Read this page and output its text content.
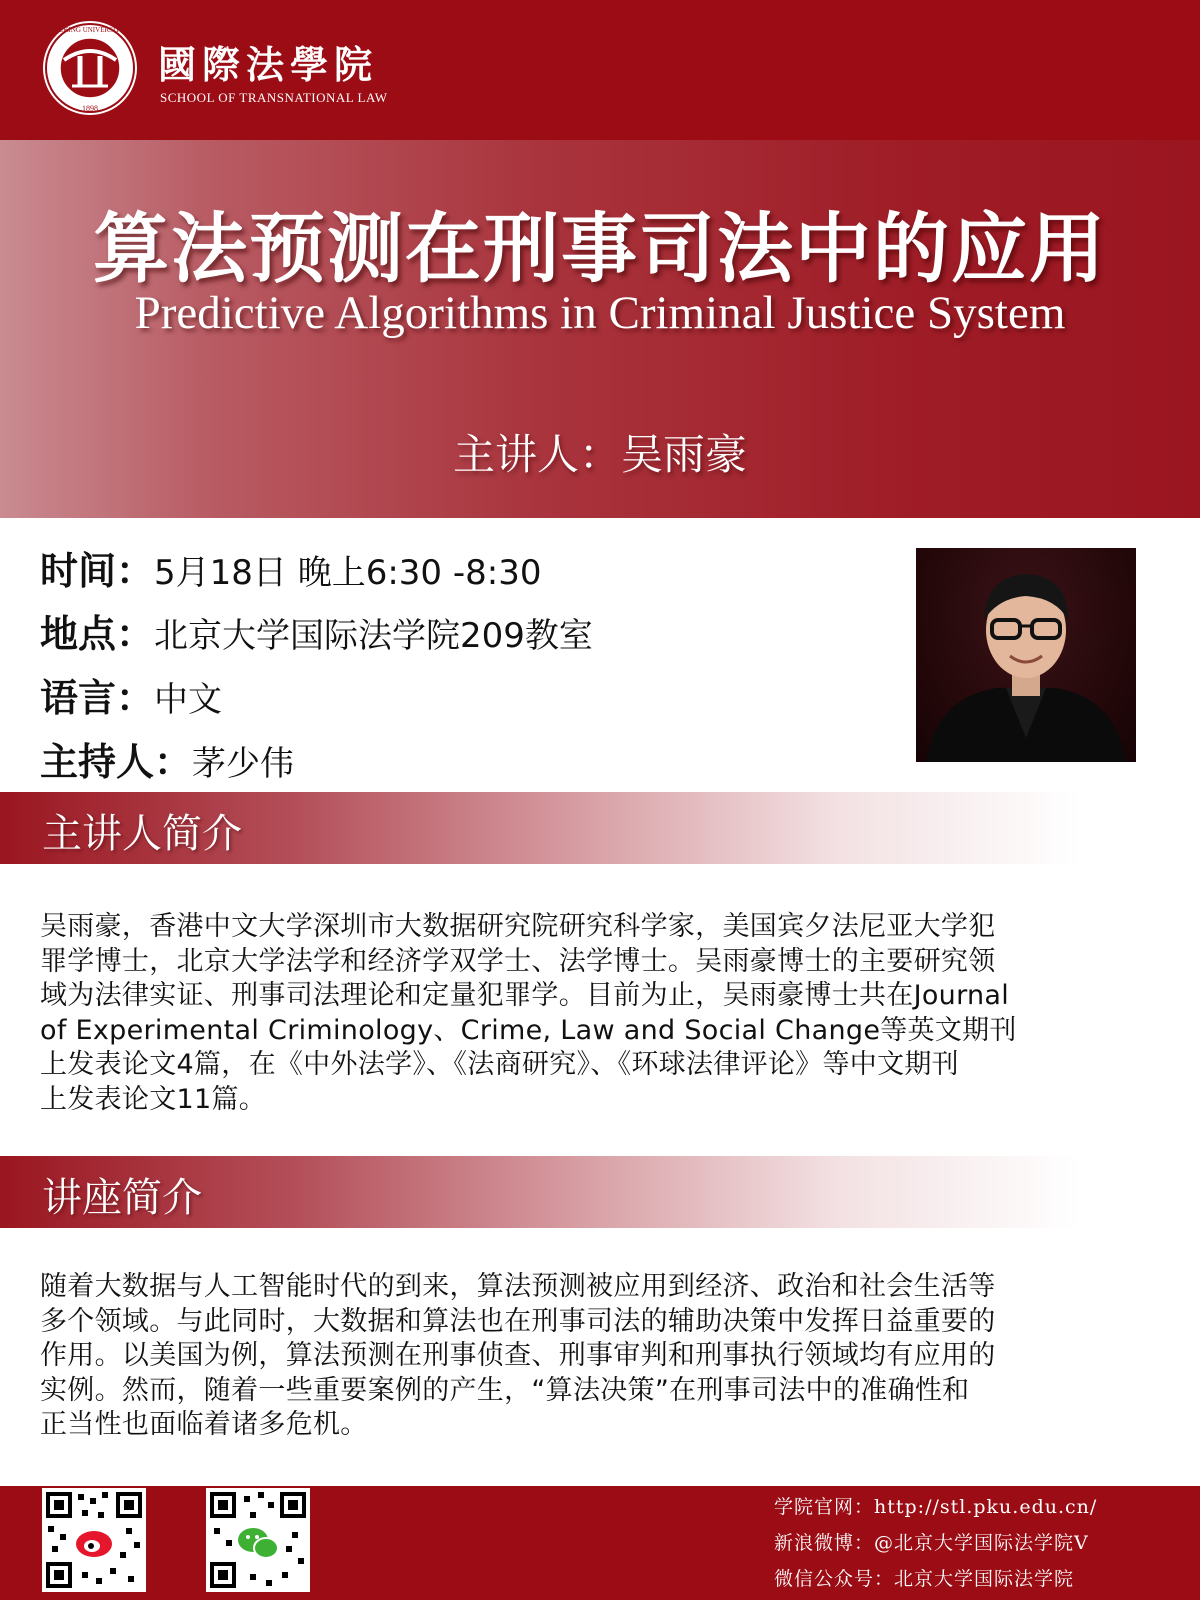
PEKING UNIVERSITY
1898
國際法學院
SCHOOL OF TRANSNATIONAL LAW
算法预测在刑事司法中的应用
Predictive Algorithms in Criminal Justice System
主讲人：吴雨豪
时间：5月18日 晚上6:30 -8:30
地点：北京大学国际法学院209教室
语言：中文
主持人：茅少伟
主讲人简介
吴雨豪，香港中文大学深圳市大数据研究院研究科学家，美国宾夕法尼亚大学犯
罪学博士，北京大学法学和经济学双学士、法学博士。吴雨豪博士的主要研究领
域为法律实证、刑事司法理论和定量犯罪学。目前为止，吴雨豪博士共在Journal
of Experimental Criminology、Crime, Law and Social Change等英文期刊
上发表论文4篇，在《中外法学》、《法商研究》、《环球法律评论》等中文期刊
上发表论文11篇。
讲座简介
随着大数据与人工智能时代的到来，算法预测被应用到经济、政治和社会生活等
多个领域。与此同时，大数据和算法也在刑事司法的辅助决策中发挥日益重要的
作用。以美国为例，算法预测在刑事侦查、刑事审判和刑事执行领域均有应用的
实例。然而，随着一些重要案例的产生，“算法决策”在刑事司法中的准确性和
正当性也面临着诸多危机。
学院官网：http://stl.pku.edu.cn/
新浪微博：@北京大学国际法学院V
微信公众号：北京大学国际法学院
